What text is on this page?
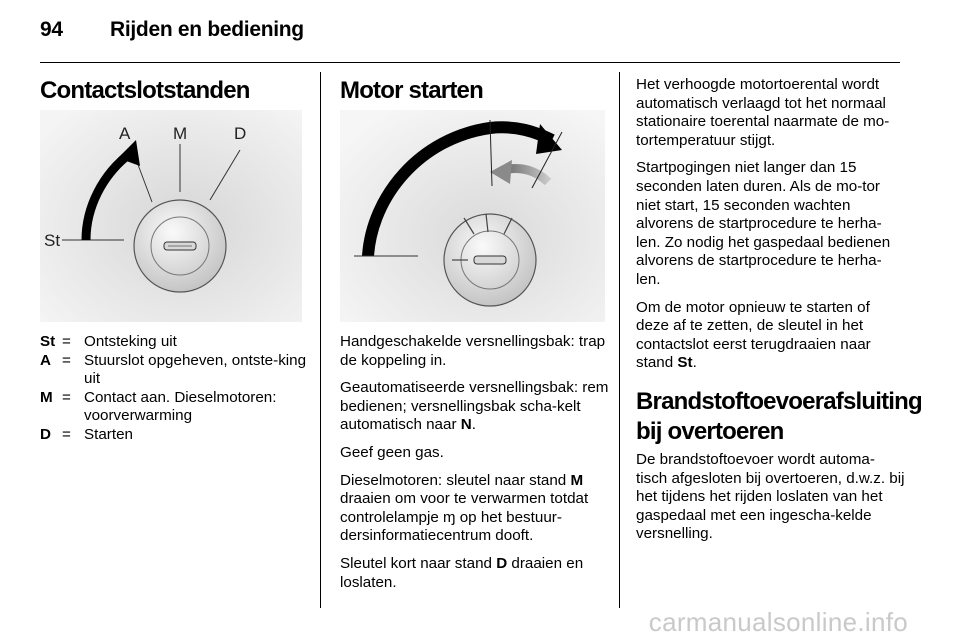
94 Rijden en bediening
Contactslotstanden
A	M	D
St
St = Ontsteking uit
A = Stuurslot opgeheven, ontste-king uit
M = Contact aan. Dieselmotoren: voorverwarming
D = Starten
Motor starten

Handgeschakelde versnellingsbak: trap de koppeling in.

Geautomatiseerde versnellingsbak: rem bedienen; versnellingsbak scha-kelt automatisch naar N.

Geef geen gas.

Dieselmotoren: sleutel naar stand M draaien om voor te verwarmen totdat controlelampje ɱ op het bestuur-dersinformatiecentrum dooft.

Sleutel kort naar stand D draaien en loslaten.

Het verhoogde motortoerental wordt automatisch verlaagd tot het normaal stationaire toerental naarmate de mo-tortemperatuur stijgt.

Startpogingen niet langer dan 15 seconden laten duren. Als de mo-tor niet start, 15 seconden wachten alvorens de startprocedure te herha-len. Zo nodig het gaspedaal bedienen alvorens de startprocedure te herha-len.

Om de motor opnieuw te starten of deze af te zetten, de sleutel in het contactslot eerst terugdraaien naar stand St.

Brandstoftoevoerafsluiting
bij overtoeren

De brandstoftoevoer wordt automa-tisch afgesloten bij overtoeren, d.w.z. bij het tijdens het rijden loslaten van het gaspedaal met een ingescha-kelde versnelling.

carmanualsonline.info
